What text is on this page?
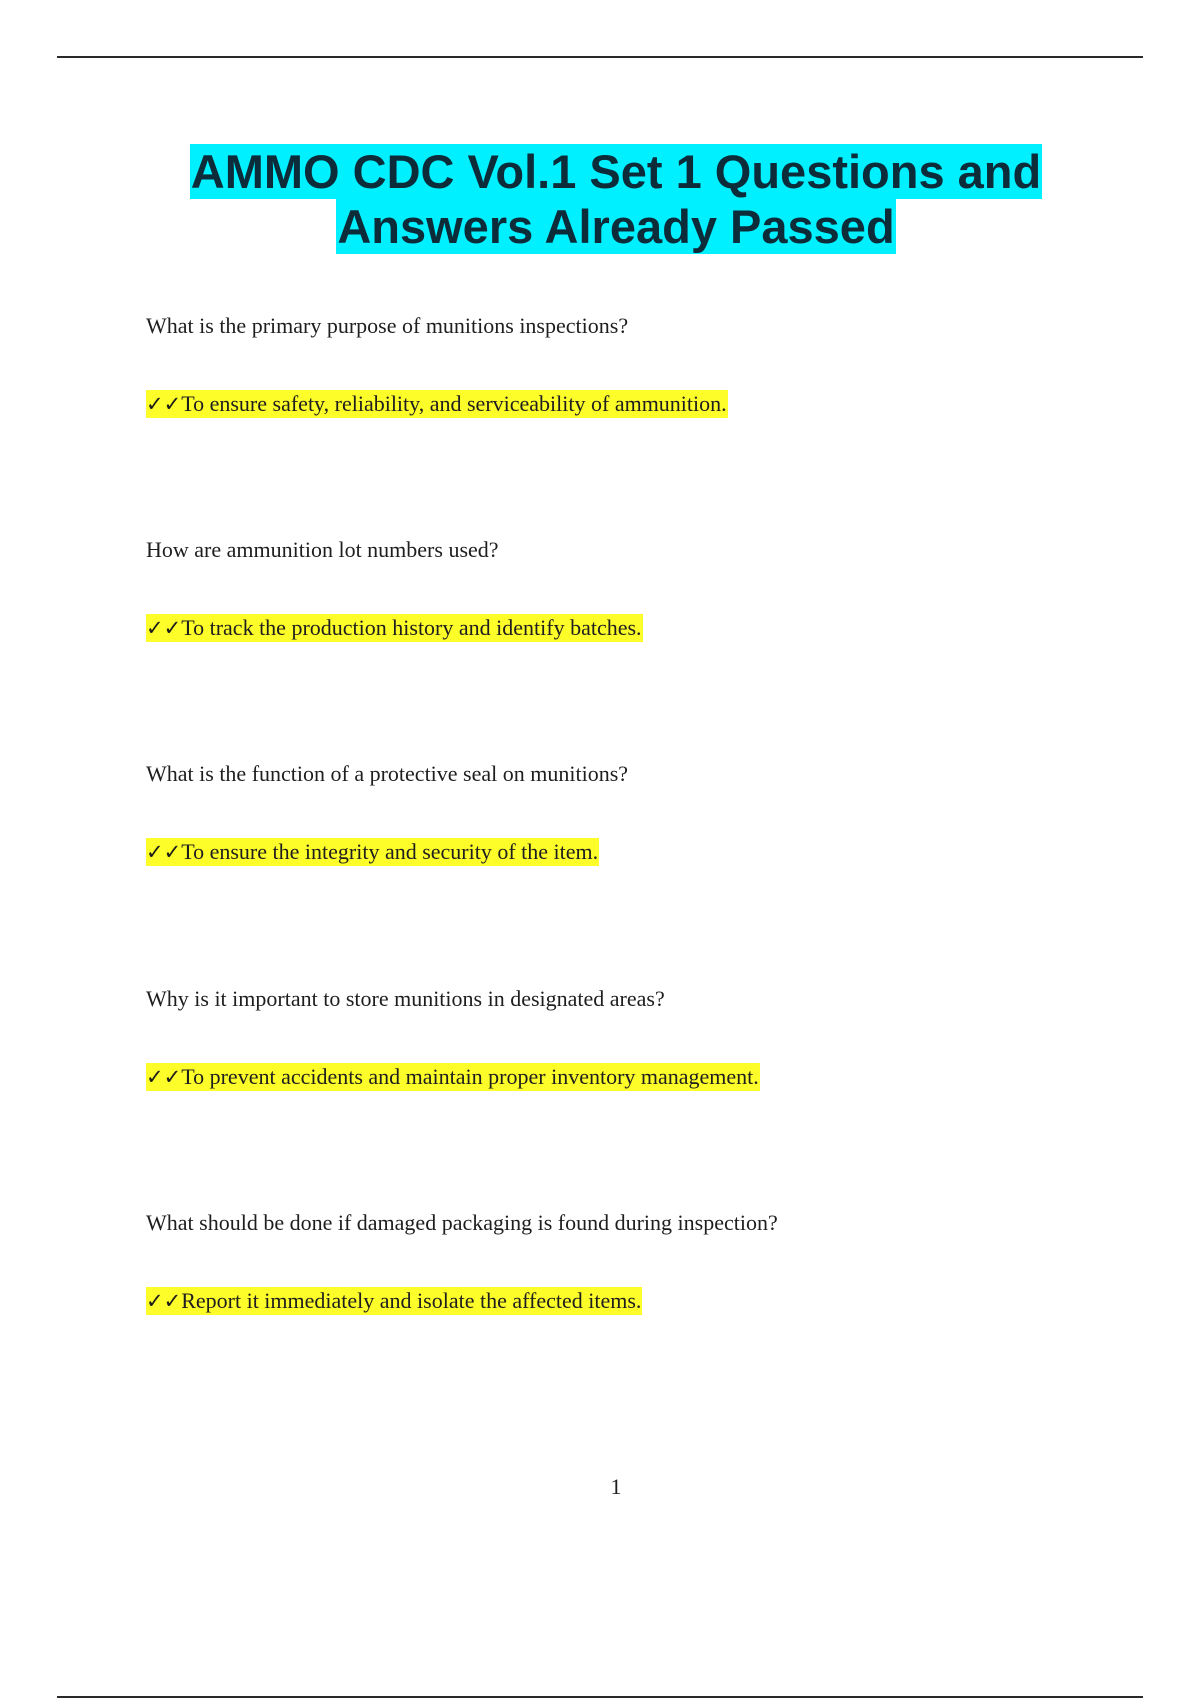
AMMO CDC Vol.1 Set 1 Questions and
Answers Already Passed
What is the primary purpose of munitions inspections?
✓✓To ensure safety, reliability, and serviceability of ammunition.
How are ammunition lot numbers used?
✓✓To track the production history and identify batches.
What is the function of a protective seal on munitions?
✓✓To ensure the integrity and security of the item.
Why is it important to store munitions in designated areas?
✓✓To prevent accidents and maintain proper inventory management.
What should be done if damaged packaging is found during inspection?
✓✓Report it immediately and isolate the affected items.
1
